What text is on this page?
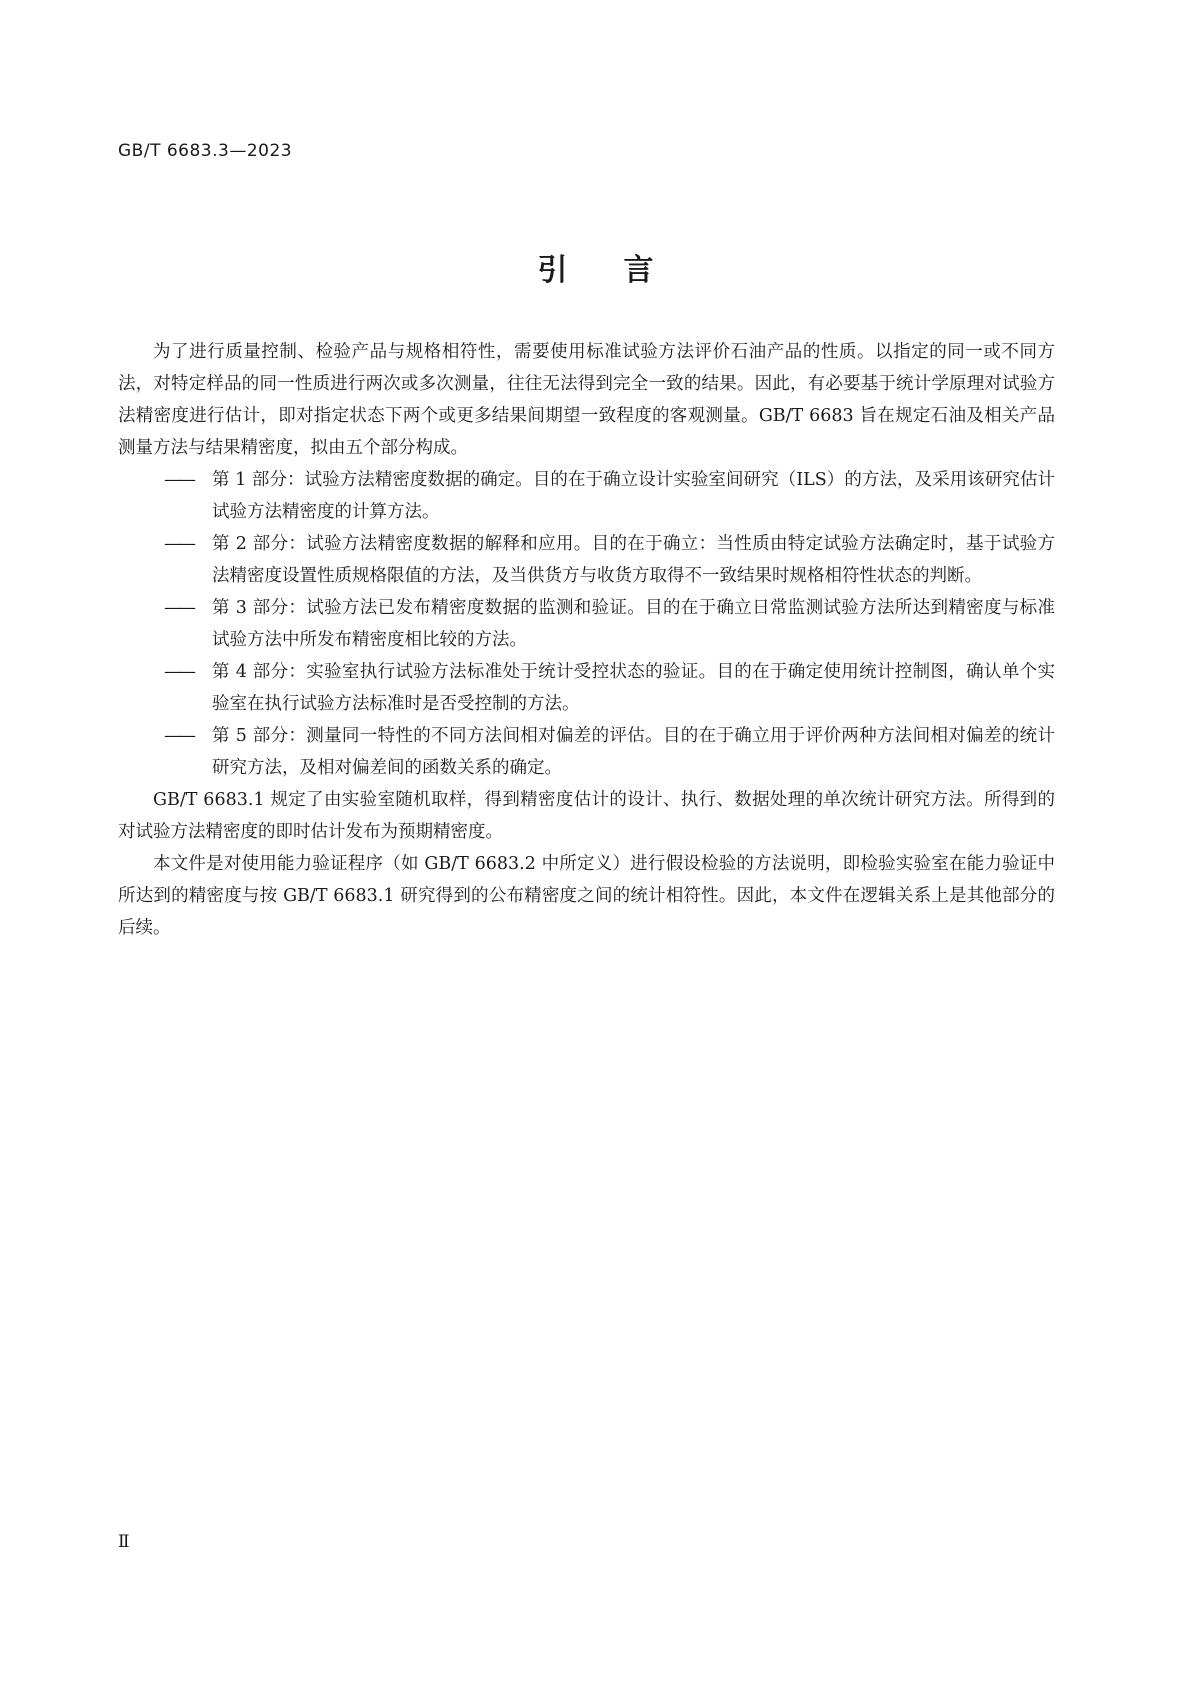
GB/T 6683.3—2023
引言

为了进行质量控制、检验产品与规格相符性，需要使用标准试验方法评价石油产品的性质。以指定的同一或不同方法，对特定样品的同一性质进行两次或多次测量，往往无法得到完全一致的结果。因此，有必要基于统计学原理对试验方法精密度进行估计，即对指定状态下两个或更多结果间期望一致程度的客观测量。GB/T 6683 旨在规定石油及相关产品测量方法与结果精密度，拟由五个部分构成。

——	第 1 部分：试验方法精密度数据的确定。目的在于确立设计实验室间研究（ILS）的方法，及采用该研究估计试验方法精密度的计算方法。
——	第 2 部分：试验方法精密度数据的解释和应用。目的在于确立：当性质由特定试验方法确定时，基于试验方法精密度设置性质规格限值的方法，及当供货方与收货方取得不一致结果时规格相符性状态的判断。
——	第 3 部分：试验方法已发布精密度数据的监测和验证。目的在于确立日常监测试验方法所达到精密度与标准试验方法中所发布精密度相比较的方法。
——	第 4 部分：实验室执行试验方法标准处于统计受控状态的验证。目的在于确定使用统计控制图，确认单个实验室在执行试验方法标准时是否受控制的方法。
——	第 5 部分：测量同一特性的不同方法间相对偏差的评估。目的在于确立用于评价两种方法间相对偏差的统计研究方法，及相对偏差间的函数关系的确定。

GB/T 6683.1 规定了由实验室随机取样，得到精密度估计的设计、执行、数据处理的单次统计研究方法。所得到的对试验方法精密度的即时估计发布为预期精密度。

本文件是对使用能力验证程序（如 GB/T 6683.2 中所定义）进行假设检验的方法说明，即检验实验室在能力验证中所达到的精密度与按 GB/T 6683.1 研究得到的公布精密度之间的统计相符性。因此，本文件在逻辑关系上是其他部分的后续。

Ⅱ
